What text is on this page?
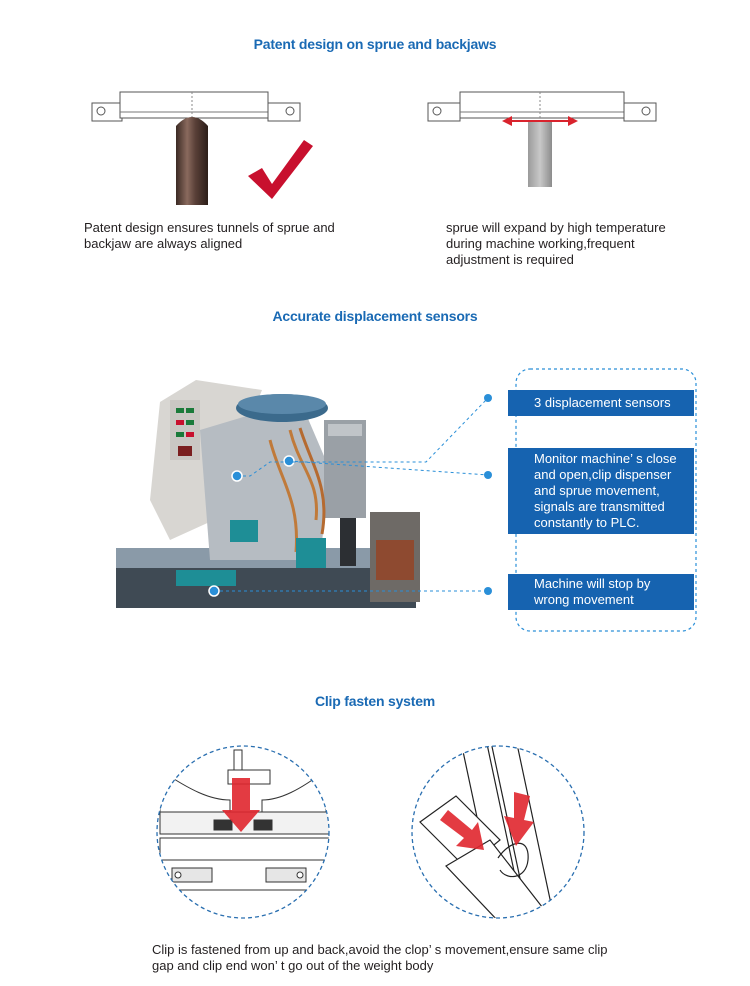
Patent design on sprue and backjaws
Patent design ensures tunnels of sprue and backjaw are always aligned
sprue will expand by high temperature during machine working,frequent adjustment is required
Accurate displacement sensors
3 displacement sensors
Monitor machine’ s close and open,clip dispenser and sprue movement, signals are transmitted constantly to PLC.
Machine will stop by wrong movement
Clip fasten system
Clip is fastened from up and back,avoid the clop’ s movement,ensure same clip gap and clip end won’ t go out of the weight body
